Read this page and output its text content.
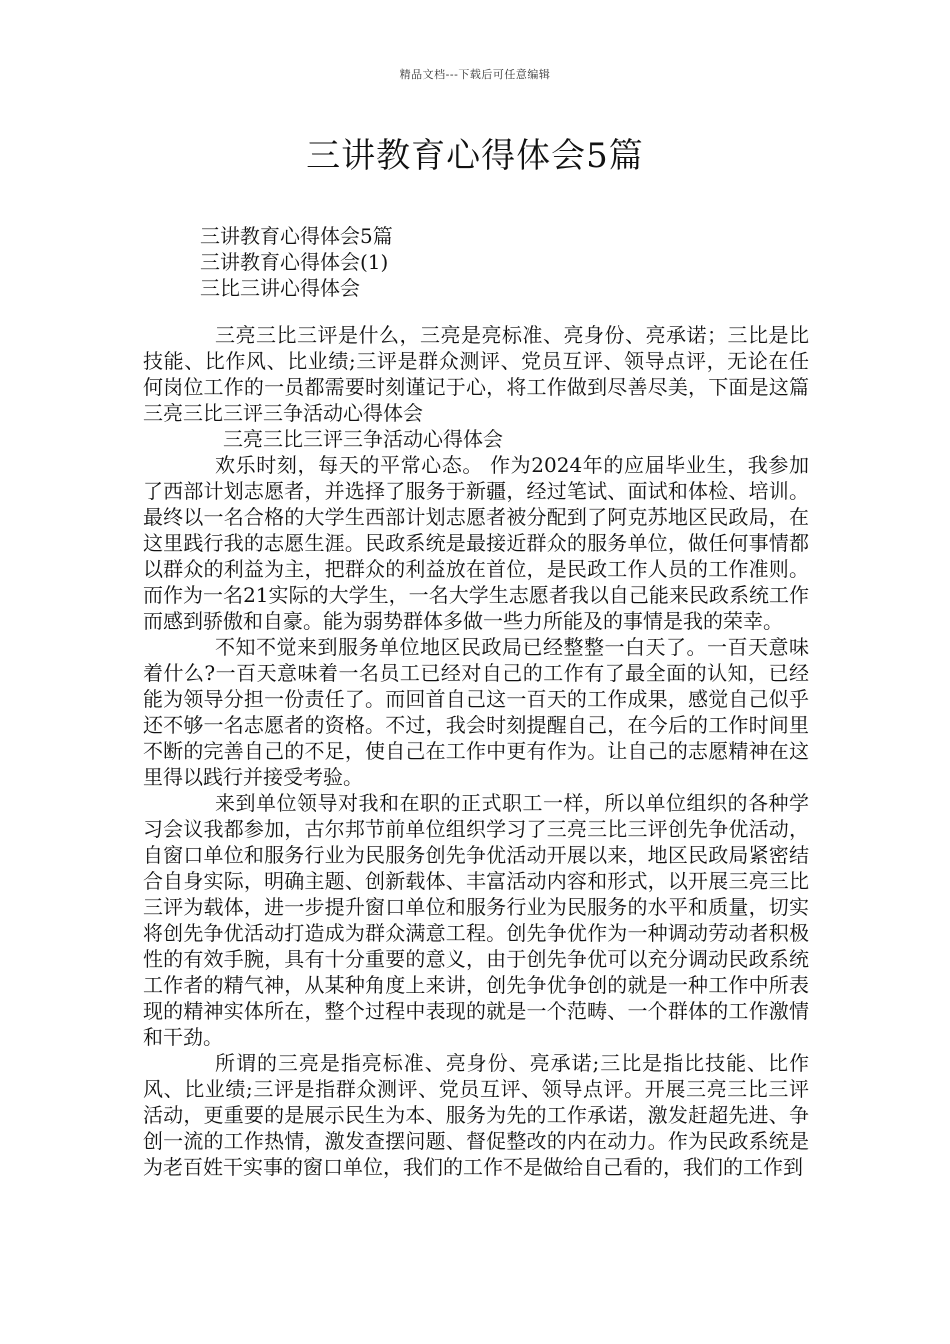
精品文档---下载后可任意编辑
三讲教育心得体会5篇
三讲教育心得体会5篇
三讲教育心得体会(1)
三比三讲心得体会

三亮三比三评是什么，三亮是亮标准、亮身份、亮承诺；三比是比技能、比作风、比业绩;三评是群众测评、党员互评、领导点评，无论在任何岗位工作的一员都需要时刻谨记于心，将工作做到尽善尽美，下面是这篇三亮三比三评三争活动心得体会

三亮三比三评三争活动心得体会

欢乐时刻，每天的平常心态。 作为2024年的应届毕业生，我参加了西部计划志愿者，并选择了服务于新疆，经过笔试、面试和体检、培训。最终以一名合格的大学生西部计划志愿者被分配到了阿克苏地区民政局，在这里践行我的志愿生涯。民政系统是最接近群众的服务单位，做任何事情都以群众的利益为主，把群众的利益放在首位，是民政工作人员的工作准则。而作为一名21实际的大学生，一名大学生志愿者我以自己能来民政系统工作而感到骄傲和自豪。能为弱势群体多做一些力所能及的事情是我的荣幸。

不知不觉来到服务单位地区民政局已经整整一白天了。一百天意味着什么?一百天意味着一名员工已经对自己的工作有了最全面的认知，已经能为领导分担一份责任了。而回首自己这一百天的工作成果，感觉自己似乎还不够一名志愿者的资格。不过，我会时刻提醒自己，在今后的工作时间里不断的完善自己的不足，使自己在工作中更有作为。让自己的志愿精神在这里得以践行并接受考验。

来到单位领导对我和在职的正式职工一样，所以单位组织的各种学习会议我都参加，古尔邦节前单位组织学习了三亮三比三评创先争优活动，自窗口单位和服务行业为民服务创先争优活动开展以来，地区民政局紧密结合自身实际，明确主题、创新载体、丰富活动内容和形式，以开展三亮三比三评为载体，进一步提升窗口单位和服务行业为民服务的水平和质量，切实将创先争优活动打造成为群众满意工程。创先争优作为一种调动劳动者积极性的有效手腕，具有十分重要的意义，由于创先争优可以充分调动民政系统工作者的精气神，从某种角度上来讲，创先争优争创的就是一种工作中所表现的精神实体所在，整个过程中表现的就是一个范畴、一个群体的工作激情和干劲。

所谓的三亮是指亮标准、亮身份、亮承诺;三比是指比技能、比作风、比业绩;三评是指群众测评、党员互评、领导点评。开展三亮三比三评活动，更重要的是展示民生为本、服务为先的工作承诺，激发赶超先进、争创一流的工作热情，激发查摆问题、督促整改的内在动力。作为民政系统是为老百姓干实事的窗口单位，我们的工作不是做给自己看的，我们的工作到
